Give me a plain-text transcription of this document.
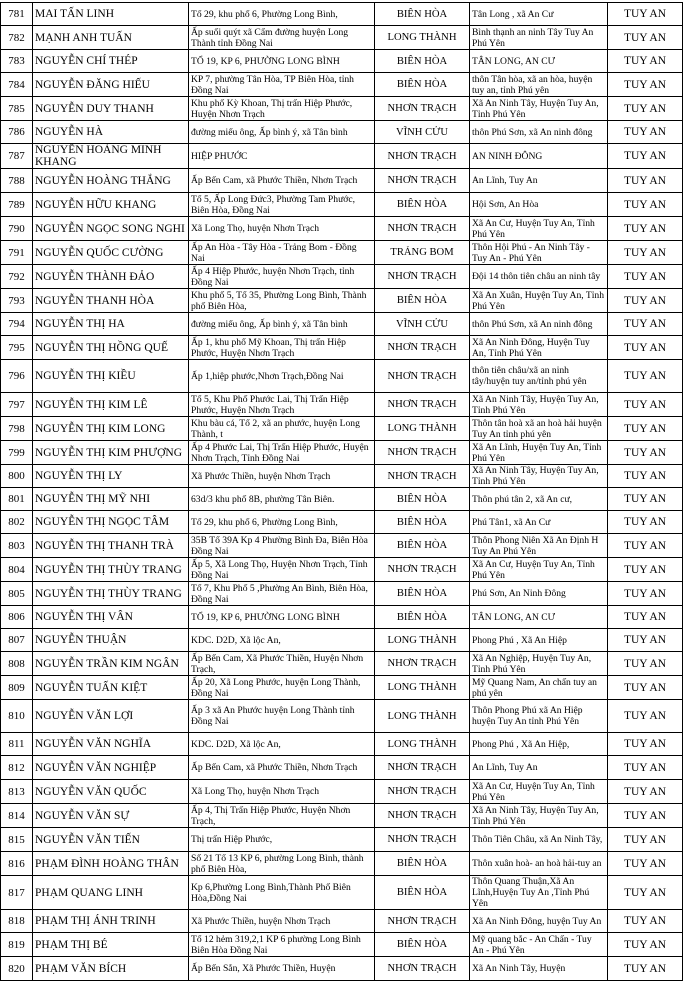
781	MAI TẤN LINH	Tổ 29, khu phố 6, Phường Long Bình,	BIÊN HÒA	Tân Long , xã An Cư	TUY AN
782	MẠNH ANH TUẤN	Ấp suối quýt xã Cẩm đường huyện Long Thành tỉnh Đồng Nai	LONG THÀNH	Bình thạnh an ninh Tây Tuy An Phú Yên	TUY AN
783	NGUYỄN CHÍ THÉP	TỔ 19, KP 6, PHƯỜNG LONG BÌNH	BIÊN HÒA	TÂN LONG, AN CƯ	TUY AN
784	NGUYỄN ĐĂNG HIẾU	KP 7, phường Tân Hòa, TP Biên Hòa, tỉnh Đồng Nai	BIÊN HÒA	thôn Tân hòa, xã an hòa, huyện tuy an, tỉnh Phú yên	TUY AN
785	NGUYỄN DUY THANH	Khu phố Kỳ Khoan, Thị trấn Hiệp Phước, Huyện Nhơn Trạch	NHƠN TRẠCH	Xã An Ninh Tây, Huyện Tuy An, Tỉnh Phú Yên	TUY AN
786	NGUYỄN HÀ	đường miếu ông, Ấp bình ý, xã Tân bình	VĨNH CỬU	thôn Phú Sơn, xã An ninh đông	TUY AN
787	NGUYỄN HOÀNG MINH KHANG	HIỆP PHƯỚC	NHƠN TRẠCH	AN NINH ĐÔNG	TUY AN
788	NGUYỄN HOÀNG THẮNG	Ấp Bến Cam, xã Phước Thiền, Nhơn Trạch	NHƠN TRẠCH	An Lĩnh, Tuy An	TUY AN
789	NGUYỄN HỮU KHANG	Tổ 5, Ấp Long Đức3, Phường Tam Phước, Biên Hòa, Đồng Nai	BIÊN HÒA	Hội Sơn, An Hòa	TUY AN
790	NGUYỄN NGỌC SONG NGHI	Xã Long Thọ, huyện Nhơn Trạch	NHƠN TRẠCH	Xã An Cư, Huyện Tuy An, Tỉnh Phú Yên	TUY AN
791	NGUYỄN QUỐC CƯỜNG	Ấp An Hòa - Tây Hòa - Trảng Bom - Đồng Nai	TRẢNG BOM	Thôn Hội Phú - An Ninh Tây - Tuy An - Phú Yên	TUY AN
792	NGUYỄN THÀNH ĐẢO	Ấp 4 Hiệp Phước, huyện Nhơn Trạch, tỉnh Đồng Nai	NHƠN TRẠCH	Đội 14 thôn tiên châu an ninh tây	TUY AN
793	NGUYỄN THANH HÒA	Khu phố 5, Tổ 35, Phường Long Bình, Thành phố Biên Hòa,	BIÊN HÒA	Xã An Xuân, Huyện Tuy An, Tỉnh Phú Yên	TUY AN
794	NGUYỄN THỊ HA	đường miếu ông, Ấp bình ý, xã Tân bình	VĨNH CỬU	thôn Phú Sơn, xã An ninh đông	TUY AN
795	NGUYỄN THỊ HỒNG QUẾ	Ấp 1, khu phố Mỹ Khoan, Thị trấn Hiệp Phước, Huyện Nhơn Trạch	NHƠN TRẠCH	Xã An Ninh Đông, Huyện Tuy An, Tỉnh Phú Yên	TUY AN
796	NGUYỄN THỊ KIỀU	Ấp 1,hiệp phước,Nhơn Trạch,Đồng Nai	NHƠN TRẠCH	thôn tiên châu/xã an ninh tây/huyện tuy an/tỉnh phú yên	TUY AN
797	NGUYỄN THỊ KIM LÊ	Tổ 5, Khu Phố Phước Lai, Thị Trấn Hiệp Phước, Huyện Nhơn Trạch	NHƠN TRẠCH	Xã An Ninh Tây, Huyện Tuy An, Tỉnh Phú Yên	TUY AN
798	NGUYỄN THỊ KIM LONG	Khu bàu cá, Tổ 2, xã an phước, huyện Long Thành, t	LONG THÀNH	Thôn tân hoà xã an hoà hải huyện Tuy An tỉnh phú yên	TUY AN
799	NGUYỄN THỊ KIM PHƯỢNG	Ấp 4 Phước Lai, Thị Trấn Hiệp Phước, Huyện Nhơn Trạch, Tỉnh Đồng Nai	NHƠN TRẠCH	Xã An Lĩnh, Huyện Tuy An, Tỉnh Phú Yên	TUY AN
800	NGUYỄN THỊ LY	Xã Phước Thiền, huyện Nhơn Trạch	NHƠN TRẠCH	Xã An Ninh Tây, Huyện Tuy An, Tỉnh Phú Yên	TUY AN
801	NGUYỄN THỊ MỸ NHI	63d/3 khu phố 8B, phường Tân Biên.	BIÊN HÒA	Thôn phú tân 2, xã An cư,	TUY AN
802	NGUYỄN THỊ NGỌC TÂM	Tổ 29, khu phố 6, Phường Long Bình,	BIÊN HÒA	Phú Tân1, xã An Cư	TUY AN
803	NGUYỄN THỊ THANH TRÀ	35B Tổ 39A Kp 4 Phường Bình Đa, Biên Hòa Đồng Nai	BIÊN HÒA	Thôn Phong Niên Xã An Định H Tuy An Phú Yên	TUY AN
804	NGUYỄN THỊ THÙY TRANG	Ấp 5, Xã Long Thọ, Huyện Nhơn Trạch, Tỉnh Đồng Nai	NHƠN TRẠCH	Xã An Cư, Huyện Tuy An, Tỉnh Phú Yên	TUY AN
805	NGUYỄN THỊ THÙY TRANG	Tổ 7, Khu Phố 5 ,Phường An Bình, Biên Hòa, Đồng Nai	BIÊN HÒA	Phú Sơn, An Ninh Đông	TUY AN
806	NGUYỄN THỊ VÂN	TỔ 19, KP 6, PHƯỜNG LONG BÌNH	BIÊN HÒA	TÂN LONG, AN CƯ	TUY AN
807	NGUYỄN THUẬN	KDC. D2D, Xã lộc An,	LONG THÀNH	Phong Phú , Xã An Hiệp	TUY AN
808	NGUYỄN TRẦN KIM NGÂN	Ấp Bến Cam, Xã Phước Thiền, Huyện Nhơn Trạch,	NHƠN TRẠCH	Xã An Nghiệp, Huyện Tuy An, Tỉnh Phú Yên	TUY AN
809	NGUYỄN TUẤN KIỆT	Ấp 20, Xã Long Phước, huyện Long Thành, Đồng Nai	LONG THÀNH	Mỹ Quang Nam, An chấn tuy an phú yên	TUY AN
810	NGUYỄN VĂN LỢI	Ấp 3 xã An Phước huyện Long Thành tỉnh Đồng Nai	LONG THÀNH	Thôn Phong Phú xã An Hiệp huyện Tuy An tỉnh Phú Yên	TUY AN
811	NGUYỄN VĂN NGHĨA	KDC. D2D, Xã lộc An,	LONG THÀNH	Phong Phú , Xã An Hiệp,	TUY AN
812	NGUYỄN VĂN NGHIỆP	Ấp Bến Cam, xã Phước Thiền, Nhơn Trạch	NHƠN TRẠCH	An Lĩnh, Tuy An	TUY AN
813	NGUYỄN VĂN QUỐC	Xã Long Thọ, huyện Nhơn Trạch	NHƠN TRẠCH	Xã An Cư, Huyện Tuy An, Tỉnh Phú Yên	TUY AN
814	NGUYỄN VĂN SỰ	Ấp 4, Thị Trấn Hiệp Phước, Huyện Nhơn Trạch,	NHƠN TRẠCH	Xã An Ninh Tây, Huyện Tuy An, Tỉnh Phú Yên	TUY AN
815	NGUYỄN VĂN TIẾN	Thị trấn Hiệp Phước,	NHƠN TRẠCH	Thôn Tiên Châu, xã An Ninh Tây,	TUY AN
816	PHẠM ĐÌNH HOÀNG THÂN	Số 21 Tổ 13 KP 6, phường Long Bình, thành phố Biên Hòa,	BIÊN HÒA	Thôn xuân hoà- an hoà hải-tuy an	TUY AN
817	PHẠM QUANG LINH	Kp 6,Phường Long Bình,Thành Phố Biên Hòa,Đồng Nai	BIÊN HÒA	Thôn Quang Thuận,Xã An Lĩnh,Huyện Tuy An ,Tỉnh Phú Yên	TUY AN
818	PHẠM THỊ ÁNH TRINH	Xã Phước Thiền, huyện Nhơn Trạch	NHƠN TRẠCH	Xã An Ninh Đông, huyện Tuy An	TUY AN
819	PHẠM THỊ BÉ	Tổ 12 hẻm 319,2,1 KP 6 phường Long Bình Biên Hòa Đồng Nai	BIÊN HÒA	Mỹ quang bắc - An Chấn - Tuy An - Phú Yên	TUY AN
820	PHẠM VĂN BÍCH	Ấp Bến Sắn, Xã Phước Thiền, Huyện	NHƠN TRẠCH	Xã An Ninh Tây, Huyện	TUY AN
